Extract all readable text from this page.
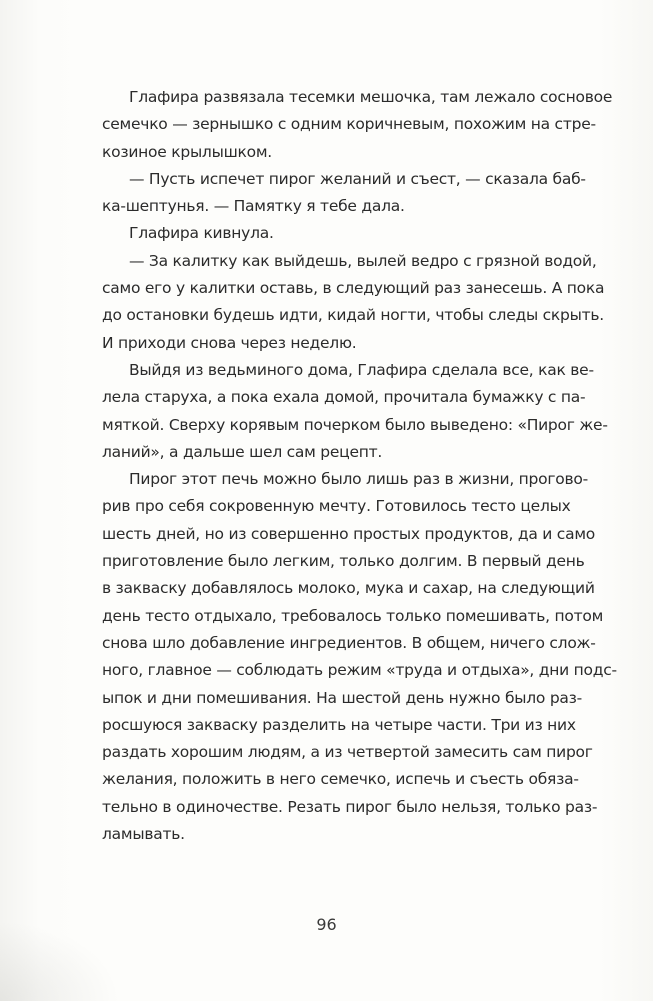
Глафира развязала тесемки мешочка, там лежало сосновое
семечко — зернышко с одним коричневым, похожим на стре-
козиное крылышком.
— Пусть испечет пирог желаний и съест, — сказала баб-
ка-шептунья. — Памятку я тебе дала.
Глафира кивнула.
— За калитку как выйдешь, вылей ведро с грязной водой,
само его у калитки оставь, в следующий раз занесешь. А пока
до остановки будешь идти, кидай ногти, чтобы следы скрыть.
И приходи снова через неделю.
Выйдя из ведьминого дома, Глафира сделала все, как ве-
лела старуха, а пока ехала домой, прочитала бумажку с па-
мяткой. Сверху корявым почерком было выведено: «Пирог же-
ланий», а дальше шел сам рецепт.
Пирог этот печь можно было лишь раз в жизни, прогово-
рив про себя сокровенную мечту. Готовилось тесто целых
шесть дней, но из совершенно простых продуктов, да и само
приготовление было легким, только долгим. В первый день
в закваску добавлялось молоко, мука и сахар, на следующий
день тесто отдыхало, требовалось только помешивать, потом
снова шло добавление ингредиентов. В общем, ничего слож-
ного, главное — соблюдать режим «труда и отдыха», дни подс-
ыпок и дни помешивания. На шестой день нужно было раз-
росшуюся закваску разделить на четыре части. Три из них
раздать хорошим людям, а из четвертой замесить сам пирог
желания, положить в него семечко, испечь и съесть обяза-
тельно в одиночестве. Резать пирог было нельзя, только раз-
ламывать.
96
